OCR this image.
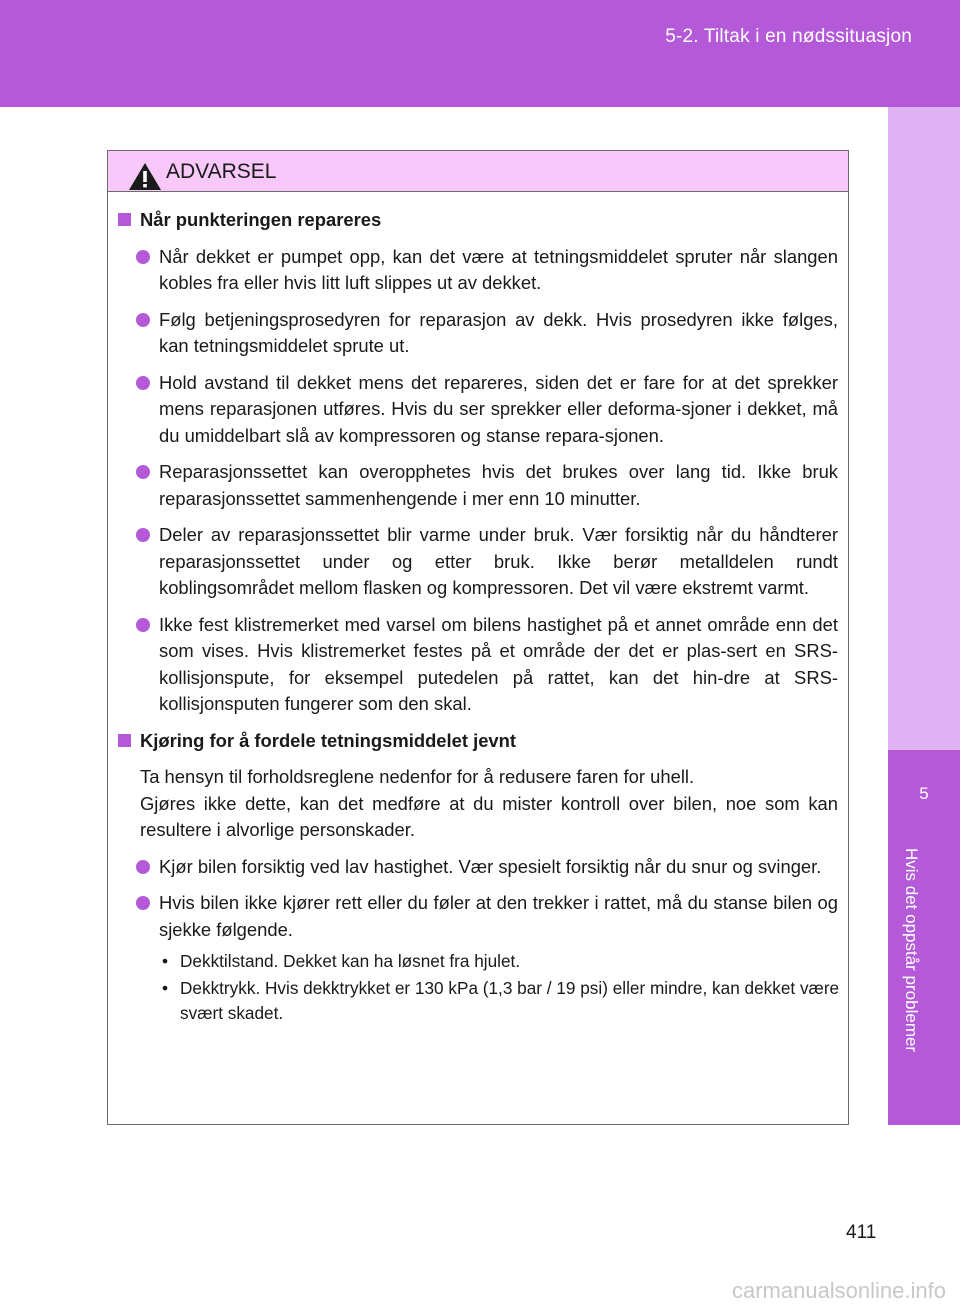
5-2. Tiltak i en nødssituasjon
5
Hvis det oppstår problemer
ADVARSEL
Når punkteringen repareres
Når dekket er pumpet opp, kan det være at tetningsmiddelet spruter når slangen kobles fra eller hvis litt luft slippes ut av dekket.
Følg betjeningsprosedyren for reparasjon av dekk. Hvis prosedyren ikke følges, kan tetningsmiddelet sprute ut.
Hold avstand til dekket mens det repareres, siden det er fare for at det sprekker mens reparasjonen utføres. Hvis du ser sprekker eller deforma-sjoner i dekket, må du umiddelbart slå av kompressoren og stanse repara-sjonen.
Reparasjonssettet kan overopphetes hvis det brukes over lang tid. Ikke bruk reparasjonssettet sammenhengende i mer enn 10 minutter.
Deler av reparasjonssettet blir varme under bruk. Vær forsiktig når du håndterer reparasjonssettet under og etter bruk. Ikke berør metalldelen rundt koblingsområdet mellom flasken og kompressoren. Det vil være ekstremt varmt.
Ikke fest klistremerket med varsel om bilens hastighet på et annet område enn det som vises. Hvis klistremerket festes på et område der det er plas-sert en SRS-kollisjonspute, for eksempel putedelen på rattet, kan det hin-dre at SRS-kollisjonsputen fungerer som den skal.
Kjøring for å fordele tetningsmiddelet jevnt
Ta hensyn til forholdsreglene nedenfor for å redusere faren for uhell.
Gjøres ikke dette, kan det medføre at du mister kontroll over bilen, noe som kan resultere i alvorlige personskader.
Kjør bilen forsiktig ved lav hastighet. Vær spesielt forsiktig når du snur og svinger.
Hvis bilen ikke kjører rett eller du føler at den trekker i rattet, må du stanse bilen og sjekke følgende.
• Dekktilstand. Dekket kan ha løsnet fra hjulet.
• Dekktrykk. Hvis dekktrykket er 130 kPa (1,3 bar / 19 psi) eller mindre, kan dekket være svært skadet.
411
carmanualsonline.info
